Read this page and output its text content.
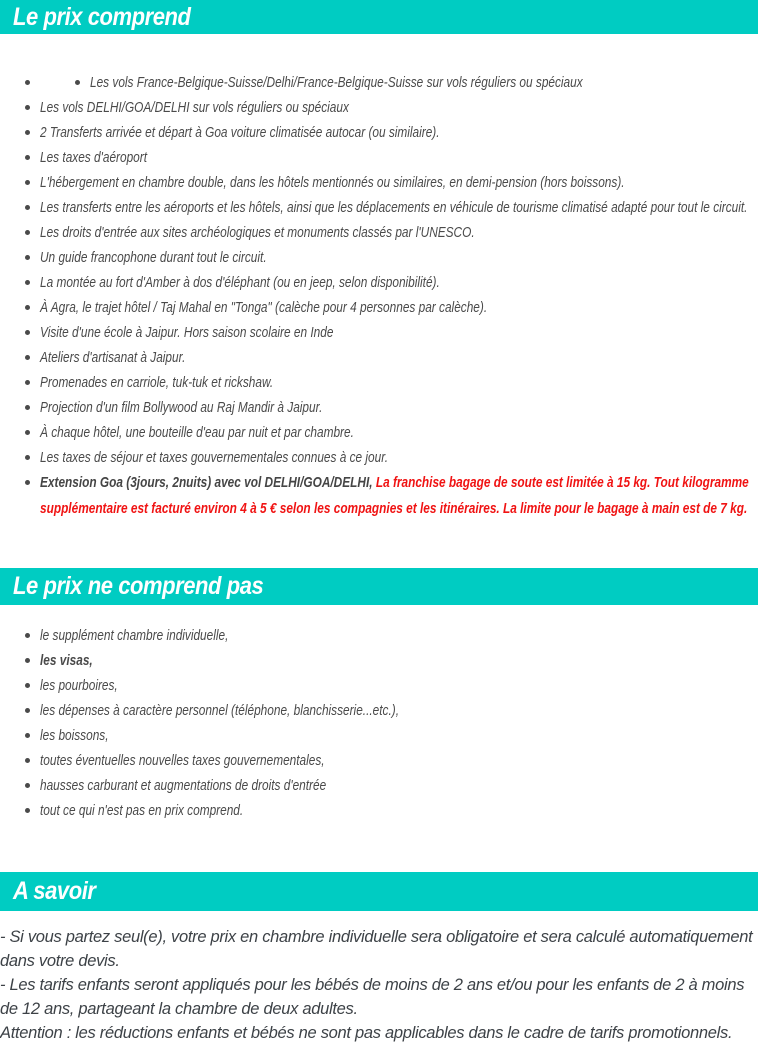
Le prix comprend
Les vols France-Belgique-Suisse/Delhi/France-Belgique-Suisse sur vols réguliers ou spéciaux
Les vols DELHI/GOA/DELHI sur vols réguliers ou spéciaux
2 Transferts arrivée et départ à Goa voiture climatisée autocar (ou similaire).
Les taxes d'aéroport
L'hébergement en chambre double, dans les hôtels mentionnés ou similaires, en demi-pension (hors boissons).
Les transferts entre les aéroports et les hôtels, ainsi que les déplacements en véhicule de tourisme climatisé adapté pour tout le circuit.
Les droits d'entrée aux sites archéologiques et monuments classés par l'UNESCO.
Un guide francophone durant tout le circuit.
La montée au fort d'Amber à dos d'éléphant (ou en jeep, selon disponibilité).
À Agra, le trajet hôtel / Taj Mahal en "Tonga" (calèche pour 4 personnes par calèche).
Visite d'une école à Jaipur. Hors saison scolaire en Inde
Ateliers d'artisanat à Jaipur.
Promenades en carriole, tuk-tuk et rickshaw.
Projection d'un film Bollywood au Raj Mandir à Jaipur.
À chaque hôtel, une bouteille d'eau par nuit et par chambre.
Les taxes de séjour et taxes gouvernementales connues à ce jour.
Extension Goa (3jours, 2nuits) avec vol DELHI/GOA/DELHI, La franchise bagage de soute est limitée à 15 kg. Tout kilogramme
supplémentaire est facturé environ 4 à 5 € selon les compagnies et les itinéraires. La limite pour le bagage à main est de 7 kg.
Le prix ne comprend pas
le supplément chambre individuelle,
les visas,
les pourboires,
les dépenses à caractère personnel (téléphone, blanchisserie...etc.),
les boissons,
toutes éventuelles nouvelles taxes gouvernementales,
hausses carburant et augmentations de droits d'entrée
tout ce qui n'est pas en prix comprend.
A savoir

- Si vous partez seul(e), votre prix en chambre individuelle sera obligatoire et sera calculé automatiquement dans votre devis.

- Les tarifs enfants seront appliqués pour les bébés de moins de 2 ans et/ou pour les enfants de 2 à moins de 12 ans, partageant la chambre de deux adultes.

Attention : les réductions enfants et bébés ne sont pas applicables dans le cadre de tarifs promotionnels.
